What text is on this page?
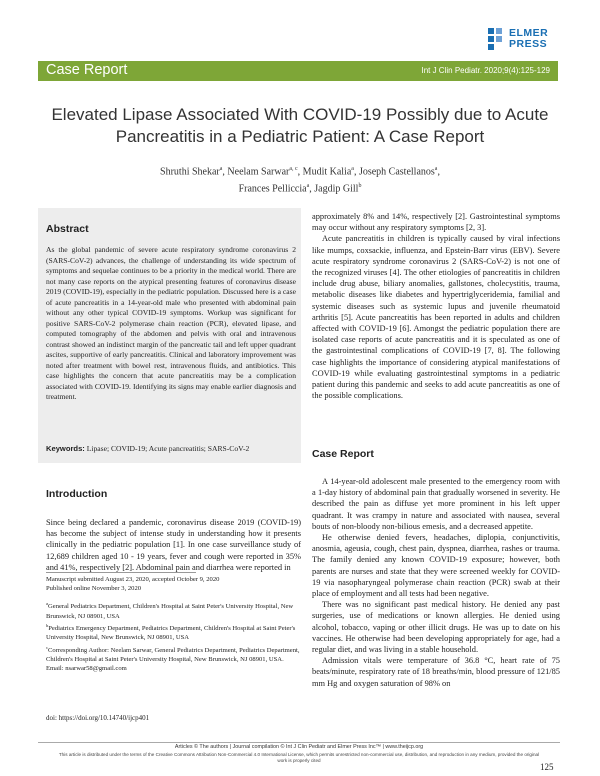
ELMER
PRESS
Case Report	Int J Clin Pediatr. 2020;9(4):125-129
Elevated Lipase Associated With COVID-19 Possibly due to Acute Pancreatitis in a Pediatric Patient: A Case Report
Shruthi Shekar$^a$, Neelam Sarwar$^{a, c}$, Mudit Kalia$^a$, Joseph Castellanos$^a$,
Frances Pelliccia$^a$, Jagdip Gill$^b$
Abstract
As the global pandemic of severe acute respiratory syndrome coronavirus 2 (SARS-CoV-2) advances, the challenge of understanding its wide spectrum of symptoms and sequelae continues to be a priority in the medical world. There are not many case reports on the atypical presenting features of coronavirus disease 2019 (COVID-19), especially in the pediatric population. Discussed here is a case of acute pancreatitis in a 14-year-old male who presented with abdominal pain without any other typical COVID-19 symptoms. Workup was significant for positive SARS-CoV-2 polymerase chain reaction (PCR), elevated lipase, and computed tomography of the abdomen and pelvis with oral and intravenous contrast showed an indistinct margin of the pancreatic tail and left upper quadrant ascites, supportive of early pancreatitis. Clinical and laboratory improvement was noted after treatment with bowel rest, intravenous fluids, and antibiotics. This case highlights the concern that acute pancreatitis may be a complication associated with COVID-19. Identifying its signs may enable earlier diagnosis and treatment.
Keywords: Lipase; COVID-19; Acute pancreatitis; SARS-CoV-2
Introduction
Since being declared a pandemic, coronavirus disease 2019 (COVID-19) has become the subject of intense study in understanding how it presents clinically in the pediatric population [1]. In one case surveillance study of 12,689 children aged 10 - 19 years, fever and cough were reported in 35% and 41%, respectively [2]. Abdominal pain and diarrhea were reported in
Manuscript submitted August 23, 2020, accepted October 9, 2020
Published online November 3, 2020
$^a$General Pediatrics Department, Children's Hospital at Saint Peter's University Hospital, New Brunswick, NJ 08901, USA
$^b$Pediatrics Emergency Department, Pediatrics Department, Children's Hospital at Saint Peter's University Hospital, New Brunswick, NJ 08901, USA
$^c$Corresponding Author: Neelam Sarwar, General Pediatrics Department, Pediatrics Department, Children's Hospital at Saint Peter's University Hospital, New Brunswick, NJ 08901, USA. Email: nsarwar58@gmail.com
doi: https://doi.org/10.14740/ijcp401

approximately 8% and 14%, respectively [2]. Gastrointestinal symptoms may occur without any respiratory symptoms [2, 3].

Acute pancreatitis in children is typically caused by viral infections like mumps, coxsackie, influenza, and Epstein-Barr virus (EBV). Severe acute respiratory syndrome coronavirus 2 (SARS-CoV-2) is not one of the recognized viruses [4]. The other etiologies of pancreatitis in children include drug abuse, biliary anomalies, gallstones, cholecystitis, trauma, metabolic diseases like diabetes and hypertriglyceridemia, familial and systemic diseases such as systemic lupus and juvenile rheumatoid arthritis [5]. Acute pancreatitis has been reported in adults and children affected with COVID-19 [6]. Amongst the pediatric population there are isolated case reports of acute pancreatitis and it is speculated as one of the gastrointestinal complications of COVID-19 [7, 8]. The following case highlights the importance of considering atypical manifestations of COVID-19 while evaluating gastrointestinal symptoms in a pediatric patient during this pandemic and seeks to add acute pancreatitis as one of the possible complications.

Case Report

A 14-year-old adolescent male presented to the emergency room with a 1-day history of abdominal pain that gradually worsened in severity. He described the pain as diffuse yet more prominent in his left upper quadrant. It was crampy in nature and associated with nausea, several bouts of non-bloody non-bilious emesis, and a decreased appetite.

He otherwise denied fevers, headaches, diplopia, conjunctivitis, anosmia, ageusia, cough, chest pain, dyspnea, diarrhea, rashes or trauma. The family denied any known COVID-19 exposure; however, both parents are nurses and state that they were screened weekly for COVID-19 via nasopharyngeal polymerase chain reaction (PCR) swab at their place of employment and all tests had been negative.

There was no significant past medical history. He denied any past surgeries, use of medications or known allergies. He denied using alcohol, tobacco, vaping or other illicit drugs. He was up to date on his vaccines. He otherwise had been developing appropriately for age, had a regular diet, and was living in a stable household.

Admission vitals were temperature of 36.8 °C, heart rate of 75 beats/minute, respiratory rate of 18 breaths/min, blood pressure of 121/85 mm Hg and oxygen saturation of 98% on

Articles © The authors | Journal compilation © Int J Clin Pediatr and Elmer Press Inc™ | www.theijcp.org
This article is distributed under the terms of the Creative Commons Attribution Non-Commercial 4.0 International License, which permits unrestricted non-commercial use, distribution, and reproduction in any medium, provided the original work is properly cited
125
